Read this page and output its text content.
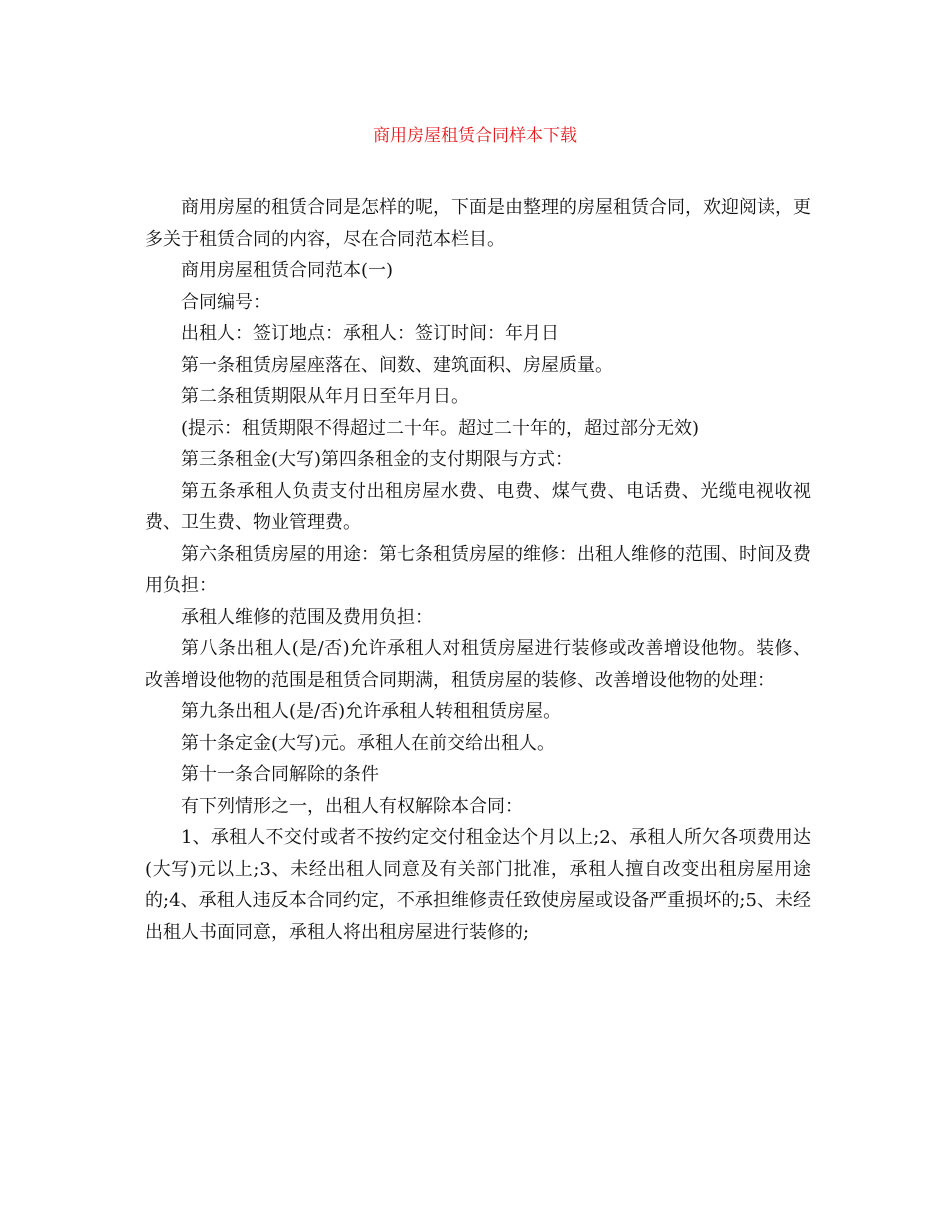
商用房屋租赁合同样本下载

商用房屋的租赁合同是怎样的呢，下面是由整理的房屋租赁合同，欢迎阅读，更多关于租赁合同的内容，尽在合同范本栏目。

商用房屋租赁合同范本(一)

合同编号：

出租人：签订地点：承租人：签订时间：年月日

第一条租赁房屋座落在、间数、建筑面积、房屋质量。

第二条租赁期限从年月日至年月日。

(提示：租赁期限不得超过二十年。超过二十年的，超过部分无效)

第三条租金(大写)第四条租金的支付期限与方式：

第五条承租人负责支付出租房屋水费、电费、煤气费、电话费、光缆电视收视费、卫生费、物业管理费。

第六条租赁房屋的用途：第七条租赁房屋的维修：出租人维修的范围、时间及费用负担：

承租人维修的范围及费用负担：

第八条出租人(是/否)允许承租人对租赁房屋进行装修或改善增设他物。装修、改善增设他物的范围是租赁合同期满，租赁房屋的装修、改善增设他物的处理：

第九条出租人(是/否)允许承租人转租租赁房屋。

第十条定金(大写)元。承租人在前交给出租人。

第十一条合同解除的条件

有下列情形之一，出租人有权解除本合同：

1、承租人不交付或者不按约定交付租金达个月以上;2、承租人所欠各项费用达(大写)元以上;3、未经出租人同意及有关部门批准，承租人擅自改变出租房屋用途的;4、承租人违反本合同约定，不承担维修责任致使房屋或设备严重损坏的;5、未经出租人书面同意，承租人将出租房屋进行装修的;
